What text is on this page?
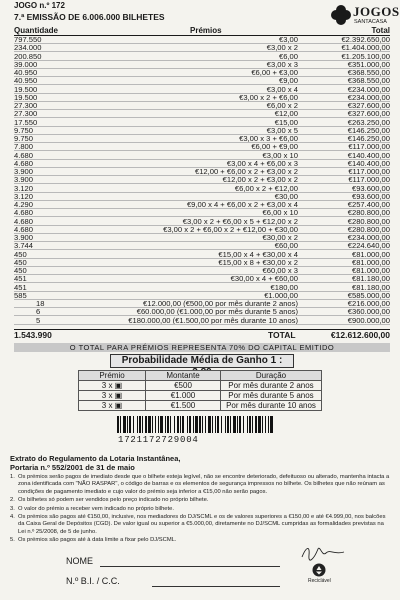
JOGO n.º 172
7.ª EMISSÃO DE 6.006.000 BILHETES	JOGOS
SANTACASA
Quantidade	Prémios	Total
797.550	€3,00	€2.392.650,00
234.000	€3,00 x 2	€1.404.000,00
200.850	€6,00	€1.205.100,00
39.000	€3,00 x 3	€351.000,00
40.950	€6,00 + €3,00	€368.550,00
40.950	€9,00	€368.550,00
19.500	€3,00 x 4	€234.000,00
19.500	€3,00 x 2 + €6,00	€234.000,00
27.300	€6,00 x 2	€327.600,00
27.300	€12,00	€327.600,00
17.550	€15,00	€263.250,00
9.750	€3,00 x 5	€146.250,00
9.750	€3,00 x 3 + €6,00	€146.250,00
7.800	€6,00 + €9,00	€117.000,00
4.680	€3,00 x 10	€140.400,00
4.680	€3,00 x 4 + €6,00 x 3	€140.400,00
3.900	€12,00 + €6,00 x 2 + €3,00 x 2	€117.000,00
3.900	€12,00 x 2 + €3,00 x 2	€117.000,00
3.120	€6,00 x 2 + €12,00	€93.600,00
3.120	€30,00	€93.600,00
4.290	€9,00 x 4 + €6,00 x 2 + €3,00 x 4	€257.400,00
4.680	€6,00 x 10	€280.800,00
4.680	€3,00 x 2 + €6,00 x 5 + €12,00 x 2	€280.800,00
4.680	€3,00 x 2 + €6,00 x 2 + €12,00 + €30,00	€280.800,00
3.900	€30,00 x 2	€234.000,00
3.744	€60,00	€224.640,00
450	€15,00 x 4 + €30,00 x 4	€81.000,00
450	€15,00 x 8 + €30,00 x 2	€81.000,00
450	€60,00 x 3	€81.000,00
451	€30,00 x 4 + €60,00	€81.180,00
451	€180,00	€81.180,00
585	€1.000,00	€585.000,00
18	€12.000,00 (€500,00 por mês durante 2 anos)	€216.000,00
6	€60.000,00 (€1.000,00 por mês durante 5 anos)	€360.000,00
5	€180.000,00 (€1.500,00 por mês durante 10 anos)	€900.000,00
1.543.990	TOTAL	€12.612.600,00
O TOTAL PARA PRÉMIOS REPRESENTA 70% DO CAPITAL EMITIDO
Probabilidade Média de Ganho 1 :
Prémio	Montante	Duração
3 x ▣	€500	Por mês durante 2 anos
3 x ▣	€1.000	Por mês durante 5 anos
3 x ▣	€1.500	Por mês durante 10 anos
1721172729004
Extrato do Regulamento da Lotaria Instantânea,
Portaria n.º 552/2001 de 31 de maio
1. Os prémios serão pagos de imediato desde que o bilhete esteja legível, não se encontre deteriorado, defeituoso ou alterado, mantenha intacta a zona identificada com "NÃO RASPAR", o código de barras e os elementos de segurança impressos no bilhete. Os bilhetes que não reúnam as condições de pagamento imediato e cujo valor do prémio seja inferior a €15,00 não serão pagos.
2. Os bilhetes só podem ser vendidos pelo preço indicado no próprio bilhete.
3. O valor do prémio a receber vem indicado no próprio bilhete.
4. Os prémios são pagos até €150,00, inclusive, nos mediadores do DJ/SCML e os de valores superiores a €150,00 e até €4.999,00, nos balcões da Caixa Geral de Depósitos (CGD). De valor igual ou superior a €5.000,00, diretamente no DJ/SCML cumpridas as formalidades previstas na Lei n.º 25/2008, de 5 de junho.
5. Os prémios são pagos até à data limite a fixar pelo DJ/SCML.
NOME
N.º B.I. / C.C.	Reciclável
